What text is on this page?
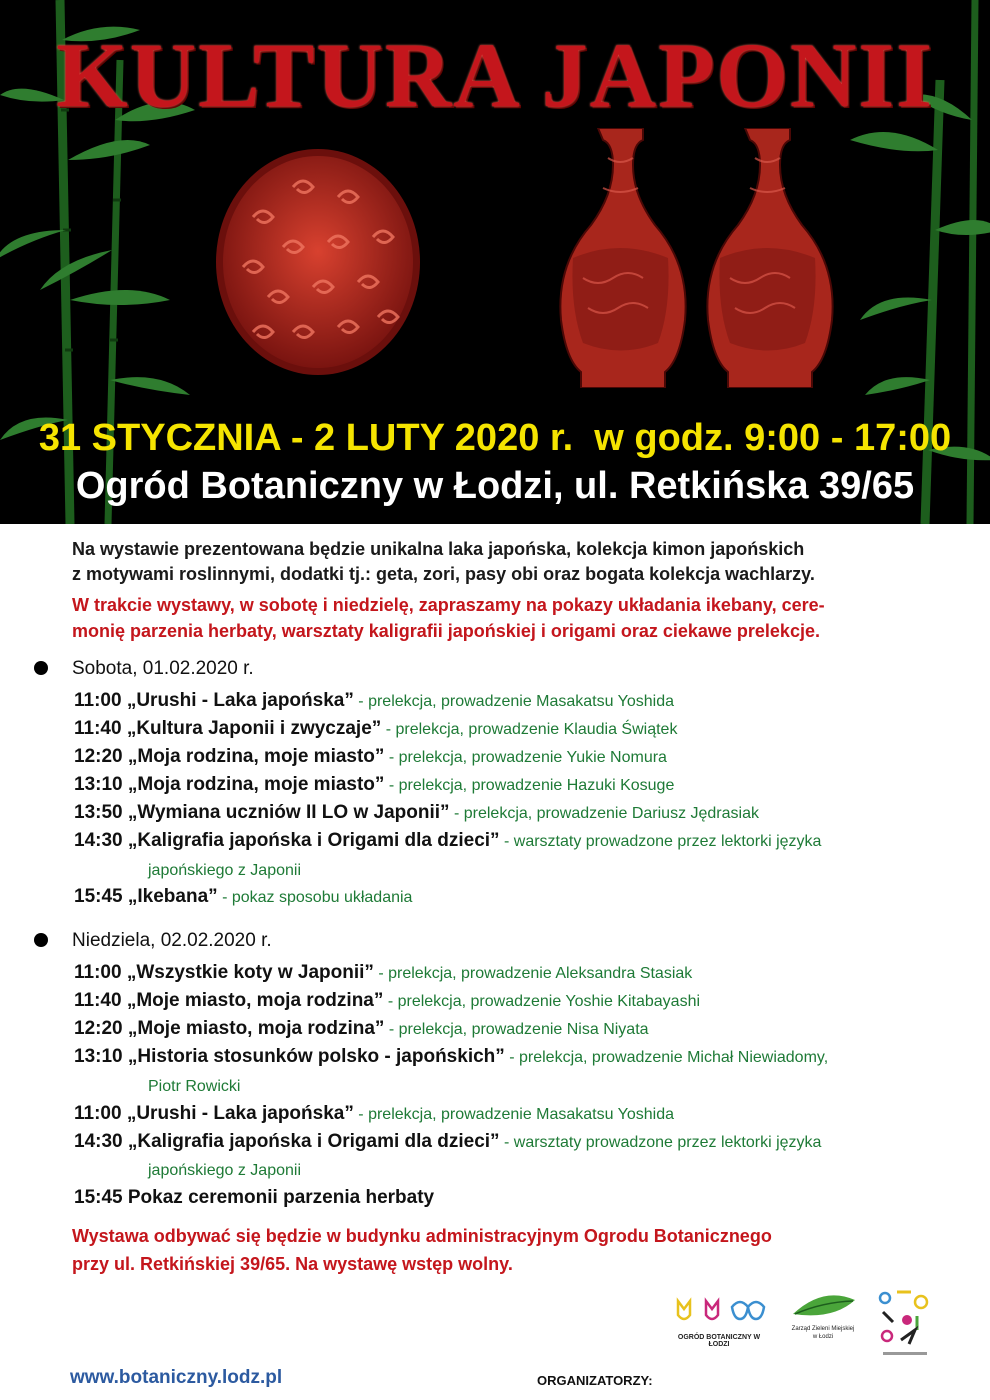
KULTURA JAPONII
31 STYCZNIA - 2 LUTY 2020 r.  w godz. 9:00 - 17:00
Ogród Botaniczny w Łodzi, ul. Retkińska 39/65
Na wystawie prezentowana będzie unikalna laka japońska, kolekcja kimon japońskich
z motywami roslinnymi, dodatki tj.: geta, zori, pasy obi oraz bogata kolekcja wachlarzy.
W trakcie wystawy, w sobotę i niedzielę, zapraszamy na pokazy układania ikebany, cere-
monię parzenia herbaty, warsztaty kaligrafii japońskiej i origami oraz ciekawe prelekcje.
Sobota, 01.02.2020 r.
11:00 „Urushi - Laka japońska” - prelekcja, prowadzenie Masakatsu Yoshida
11:40 „Kultura Japonii i zwyczaje” - prelekcja, prowadzenie Klaudia Świątek
12:20 „Moja rodzina, moje miasto” - prelekcja, prowadzenie Yukie Nomura
13:10 „Moja rodzina, moje miasto” - prelekcja, prowadzenie Hazuki Kosuge
13:50 „Wymiana uczniów II LO w Japonii” - prelekcja, prowadzenie Dariusz Jędrasiak
14:30 „Kaligrafia japońska i Origami dla dzieci” - warsztaty prowadzone przez lektorki języka
japońskiego z Japonii
15:45 „Ikebana” - pokaz sposobu układania
Niedziela, 02.02.2020 r.
11:00 „Wszystkie koty w Japonii” - prelekcja, prowadzenie Aleksandra Stasiak
11:40 „Moje miasto, moja rodzina” - prelekcja, prowadzenie Yoshie Kitabayashi
12:20 „Moje miasto, moja rodzina” - prelekcja, prowadzenie Nisa Niyata
13:10 „Historia stosunków polsko - japońskich” - prelekcja, prowadzenie Michał Niewiadomy,
Piotr Rowicki
11:00 „Urushi - Laka japońska” - prelekcja, prowadzenie Masakatsu Yoshida
14:30 „Kaligrafia japońska i Origami dla dzieci” - warsztaty prowadzone przez lektorki języka
japońskiego z Japonii
15:45 Pokaz ceremonii parzenia herbaty
Wystawa odbywać się będzie w budynku administracyjnym Ogrodu Botanicznego
przy ul. Retkińskiej 39/65. Na wystawę wstęp wolny.
www.botaniczny.lodz.pl	ORGANIZATORZY:
OGRÓD BOTANICZNY W ŁODZI
Zarząd Zieleni Miejskiej
w Łodzi
